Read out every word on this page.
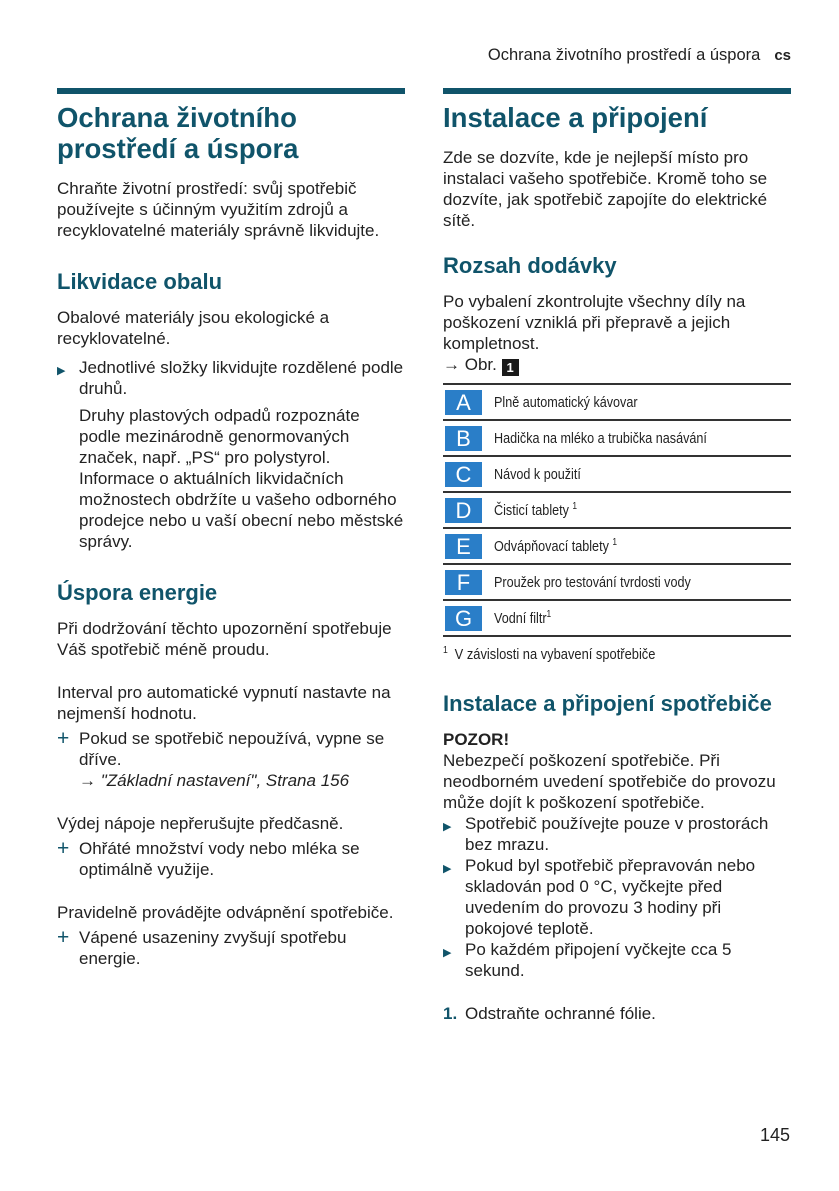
Ochrana životního prostředí a úspora cs
Ochrana životního prostředí a úspora

Chraňte životní prostředí: svůj spotřebič používejte s účinným využitím zdrojů a recyklovatelné materiály správně likvidujte.

Likvidace obalu

Obalové materiály jsou ekologické a recyklovatelné.

▶ Jednotlivé složky likvidujte rozdělené podle druhů.
Druhy plastových odpadů rozpoznáte podle mezinárodně genormovaných značek, např. „PS“ pro polystyrol.
Informace o aktuálních likvidačních možnostech obdržíte u vašeho odborného prodejce nebo u vaší obecní nebo městské správy.
Úspora energie

Při dodržování těchto upozornění spotřebuje Váš spotřebič méně proudu.

Interval pro automatické vypnutí nastavte na nejmenší hodnotu.

+ Pokud se spotřebič nepoužívá, vypne se dříve.
→ "Základní nastavení", Strana 156

Výdej nápoje nepřerušujte předčasně.

+ Ohřáté množství vody nebo mléka se optimálně využije.

Pravidelně provádějte odvápnění spotřebiče.

+ Vápené usazeniny zvyšují spotřebu energie.
Instalace a připojení

Zde se dozvíte, kde je nejlepší místo pro instalaci vašeho spotřebiče. Kromě toho se dozvíte, jak spotřebič zapojíte do elektrické sítě.

Rozsah dodávky

Po vybalení zkontrolujte všechny díly na poškození vzniklá při přepravě a jejich kompletnost.

→ Obr. 1

A Plně automatický kávovar
B Hadička na mléko a trubička nasávání
C Návod k použití
D Čisticí tablety $^1$
E Odvápňovací tablety $^1$
F Proužek pro testování tvrdosti vody
G Vodní filtr$^1$
$^1$ V závislosti na vybavení spotřebiče
Instalace a připojení spotřebiče
POZOR!

Nebezpečí poškození spotřebiče. Při neodborném uvedení spotřebiče do provozu může dojít k poškození spotřebiče.

▶ Spotřebič používejte pouze v prostorách bez mrazu.
▶ Pokud byl spotřebič přepravován nebo skladován pod 0 °C, vyčkejte před uvedením do provozu 3 hodiny při pokojové teplotě.
▶ Po každém připojení vyčkejte cca 5 sekund.
1. Odstraňte ochranné fólie.
145
